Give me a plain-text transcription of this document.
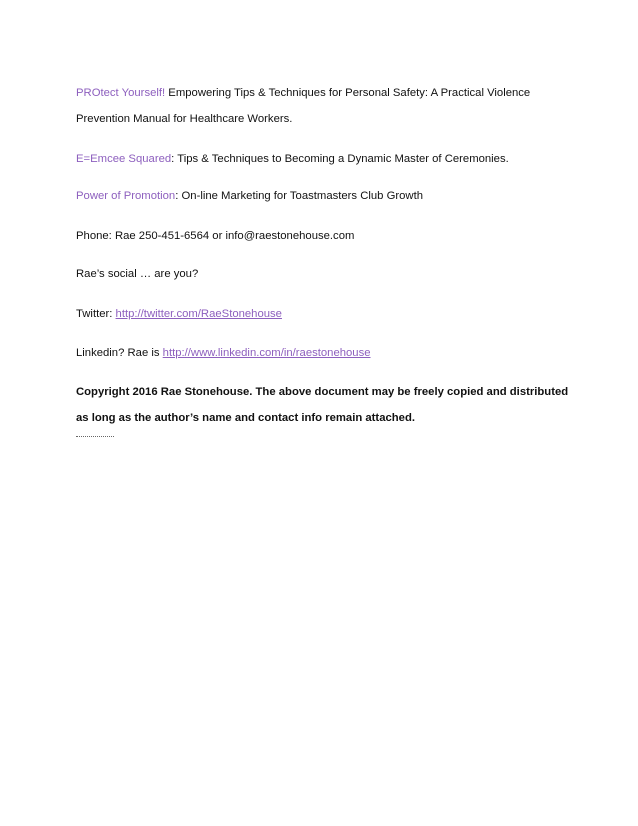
PROtect Yourself! Empowering Tips & Techniques for Personal Safety: A Practical Violence
Prevention Manual for Healthcare Workers.
E=Emcee Squared: Tips & Techniques to Becoming a Dynamic Master of Ceremonies.
Power of Promotion: On-line Marketing for Toastmasters Club Growth
Phone: Rae 250-451-6564 or info@raestonehouse.com
Rae’s social … are you?
Twitter: http://twitter.com/RaeStonehouse
Linkedin? Rae is http://www.linkedin.com/in/raestonehouse
Copyright 2016 Rae Stonehouse. The above document may be freely copied and distributed
as long as the author’s name and contact info remain attached.
